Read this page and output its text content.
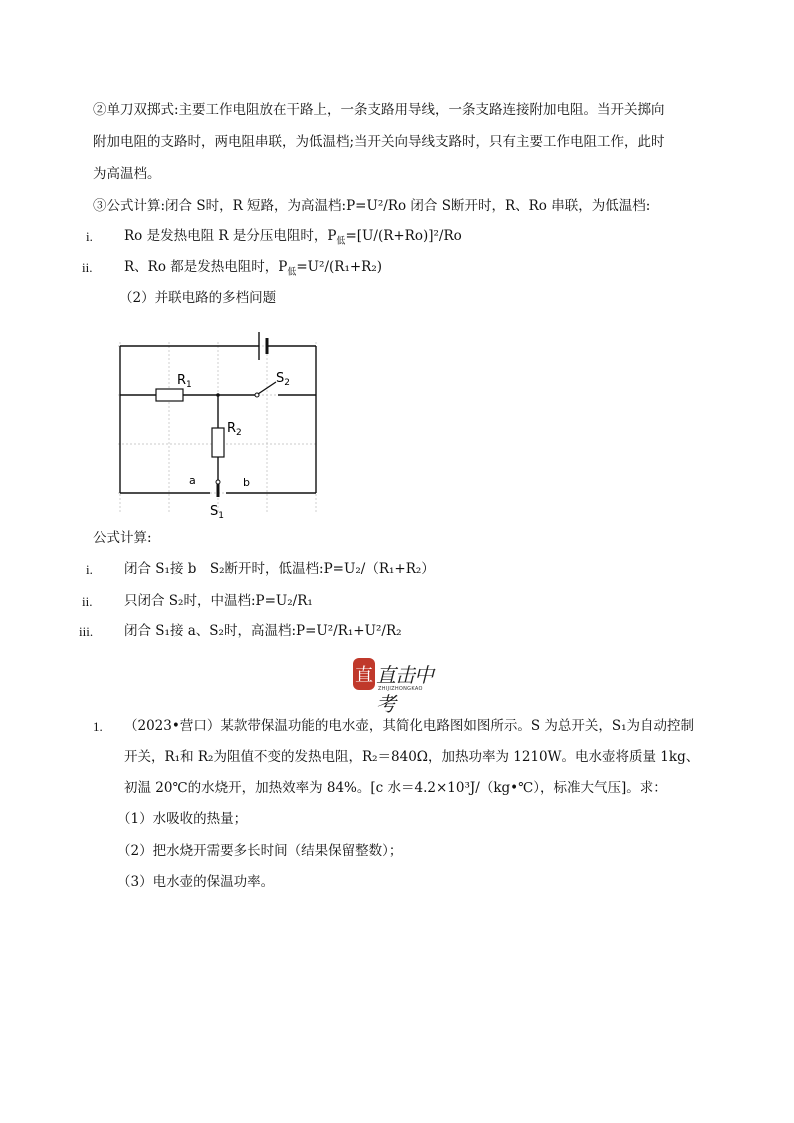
②单刀双掷式:主要工作电阻放在干路上，一条支路用导线，一条支路连接附加电阻。当开关掷向
附加电阻的支路时，两电阻串联，为低温档;当开关向导线支路时，只有主要工作电阻工作，此时
为高温档。
③公式计算:闭合 S时，R 短路，为高温档:P=U²/Ro 闭合 S断开时，R、Ro 串联，为低温档:
i. Ro 是发热电阻 R 是分压电阻时，$P_低=[U/(R+Ro)]^2/Ro$
ii. R、Ro 都是发热电阻时，$P_低=U^2/(R_1+R_2)$
（2）并联电路的多档问题
$R_1$
$R_2$
$S_2$
$S_1$
a	b
公式计算:
i. 闭合 S₁接 b　S₂断开时，低温档:P=U₂/（R₁+R₂）
ii. 只闭合 S₂时，中温档:P=U₂/R₁
iii. 闭合 S₁接 a、S₂时，高温档:P=U²/R₁+U²/R₂
直 直击中考
ZHIJIZHONGKAO
1. （2023•营口）某款带保温功能的电水壶，其简化电路图如图所示。S 为总开关，S₁为自动控制
开关，R₁和 R₂为阻值不变的发热电阻，R₂＝840Ω，加热功率为 1210W。电水壶将质量 1kg、
初温 20℃的水烧开，加热效率为 84%。[c 水＝4.2×10³J/（kg•℃），标准大气压]。求：
（1）水吸收的热量；
（2）把水烧开需要多长时间（结果保留整数）；
（3）电水壶的保温功率。
